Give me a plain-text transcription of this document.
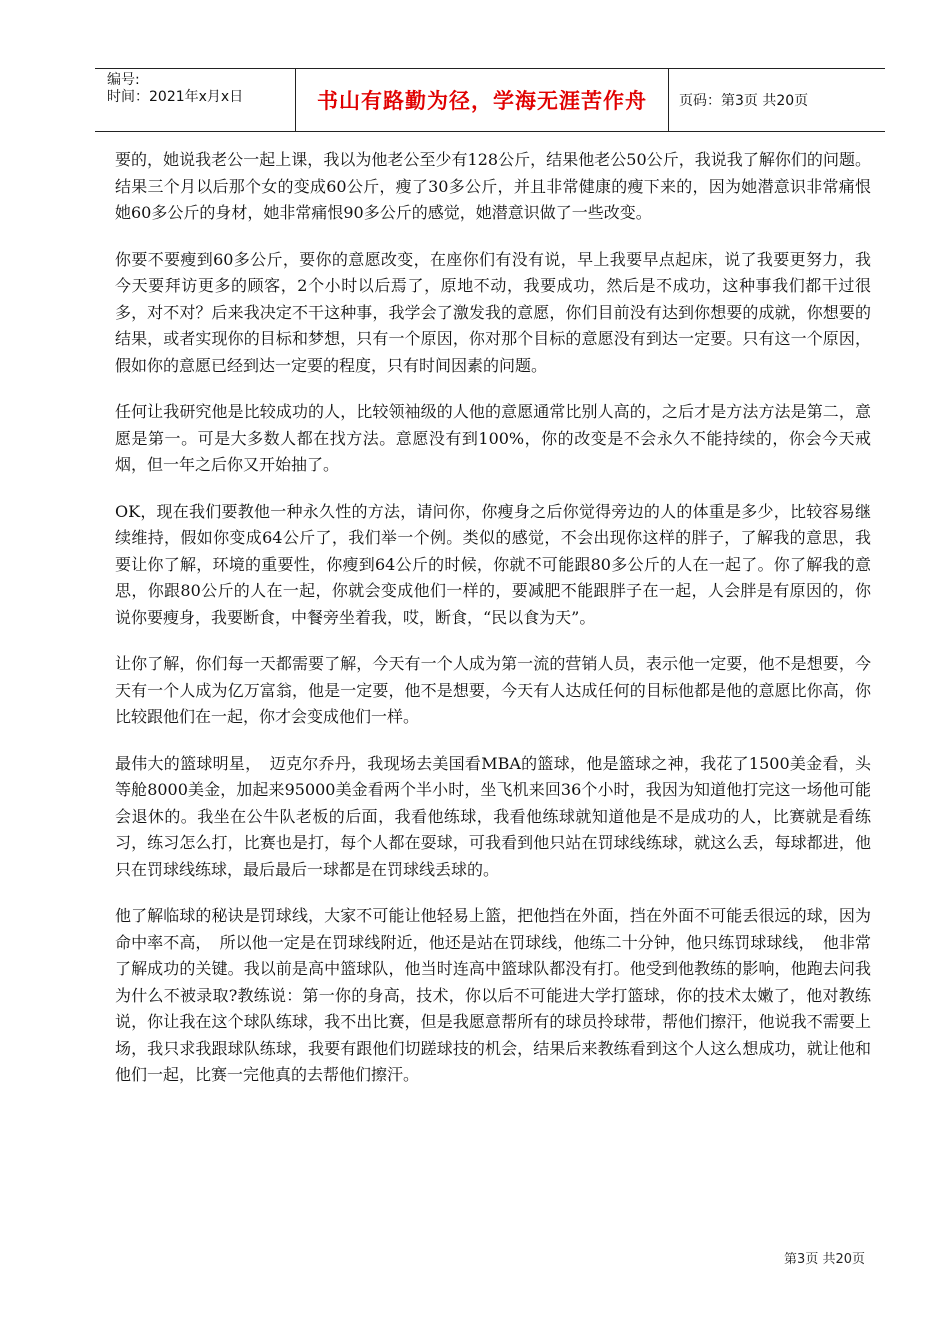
编号:
时间：2021年x月x日	书山有路勤为径，学海无涯苦作舟	页码：第3页 共20页

要的，她说我老公一起上课，我以为他老公至少有128公斤，结果他老公50公斤，我说我了解你们的问题。结果三个月以后那个女的变成60公斤，瘦了30多公斤，并且非常健康的瘦下来的，因为她潜意识非常痛恨她60多公斤的身材，她非常痛恨90多公斤的感觉，她潜意识做了一些改变。

你要不要瘦到60多公斤，要你的意愿改变，在座你们有没有说，早上我要早点起床，说了我要更努力，我今天要拜访更多的顾客，2个小时以后焉了，原地不动，我要成功，然后是不成功，这种事我们都干过很多，对不对？后来我决定不干这种事，我学会了激发我的意愿，你们目前没有达到你想要的成就，你想要的结果，或者实现你的目标和梦想，只有一个原因，你对那个目标的意愿没有到达一定要。只有这一个原因，假如你的意愿已经到达一定要的程度，只有时间因素的问题。

任何让我研究他是比较成功的人，比较领袖级的人他的意愿通常比别人高的，之后才是方法方法是第二，意愿是第一。可是大多数人都在找方法。意愿没有到100%，你的改变是不会永久不能持续的，你会今天戒烟，但一年之后你又开始抽了。

OK，现在我们要教他一种永久性的方法，请问你，你瘦身之后你觉得旁边的人的体重是多少，比较容易继续维持，假如你变成64公斤了，我们举一个例。类似的感觉，不会出现你这样的胖子，了解我的意思，我要让你了解，环境的重要性，你瘦到64公斤的时候，你就不可能跟80多公斤的人在一起了。你了解我的意思，你跟80公斤的人在一起，你就会变成他们一样的，要减肥不能跟胖子在一起，人会胖是有原因的，你说你要瘦身，我要断食，中餐旁坐着我，哎，断食，“民以食为天”。

让你了解，你们每一天都需要了解，今天有一个人成为第一流的营销人员，表示他一定要，他不是想要，今天有一个人成为亿万富翁，他是一定要，他不是想要，今天有人达成任何的目标他都是他的意愿比你高，你比较跟他们在一起，你才会变成他们一样。

最伟大的篮球明星，　迈克尔乔丹，我现场去美国看MBA的篮球，他是篮球之神，我花了1500美金看，头等舱8000美金，加起来95000美金看两个半小时，坐飞机来回36个小时，我因为知道他打完这一场他可能会退休的。我坐在公牛队老板的后面，我看他练球，我看他练球就知道他是不是成功的人，比赛就是看练习，练习怎么打，比赛也是打，每个人都在耍球，可我看到他只站在罚球线练球，就这么丢，每球都进，他只在罚球线练球，最后最后一球都是在罚球线丢球的。

他了解临球的秘诀是罚球线，大家不可能让他轻易上篮，把他挡在外面，挡在外面不可能丢很远的球，因为命中率不高，　所以他一定是在罚球线附近，他还是站在罚球线，他练二十分钟，他只练罚球球线，　他非常了解成功的关键。我以前是高中篮球队，他当时连高中篮球队都没有打。他受到他教练的影响，他跑去问我为什么不被录取?教练说：第一你的身高，技术，你以后不可能进大学打篮球，你的技术太嫩了，他对教练说，你让我在这个球队练球，我不出比赛，但是我愿意帮所有的球员拎球带，帮他们擦汗，他说我不需要上场，我只求我跟球队练球，我要有跟他们切蹉球技的机会，结果后来教练看到这个人这么想成功，就让他和他们一起，比赛一完他真的去帮他们擦汗。

第3页 共20页
